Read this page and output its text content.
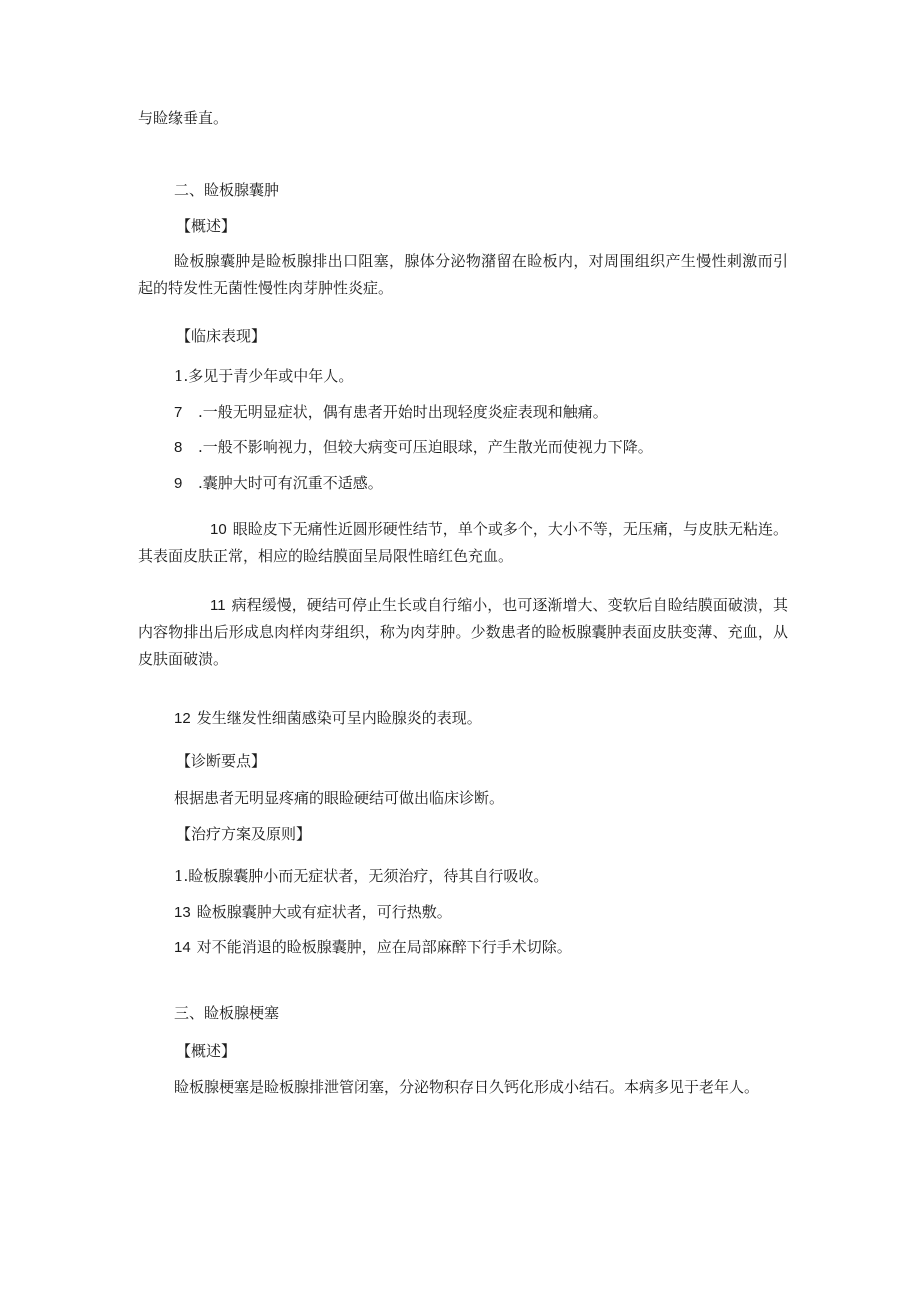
与睑缘垂直。

二、睑板腺囊肿

【概述】

睑板腺囊肿是睑板腺排出口阻塞，腺体分泌物潴留在睑板内，对周围组织产生慢性刺激而引起的特发性无菌性慢性肉芽肿性炎症。

【临床表现】

1.多见于青少年或中年人。

7 .一般无明显症状，偶有患者开始时出现轻度炎症表现和触痛。

8 .一般不影响视力，但较大病变可压迫眼球，产生散光而使视力下降。

9 .囊肿大时可有沉重不适感。

10 眼睑皮下无痛性近圆形硬性结节，单个或多个，大小不等，无压痛，与皮肤无粘连。其表面皮肤正常，相应的睑结膜面呈局限性暗红色充血。

11 病程缓慢，硬结可停止生长或自行缩小，也可逐渐增大、变软后自睑结膜面破溃，其内容物排出后形成息肉样肉芽组织，称为肉芽肿。少数患者的睑板腺囊肿表面皮肤变薄、充血，从皮肤面破溃。

12 发生继发性细菌感染可呈内睑腺炎的表现。

【诊断要点】

根据患者无明显疼痛的眼睑硬结可做出临床诊断。

【治疗方案及原则】

1.睑板腺囊肿小而无症状者，无须治疗，待其自行吸收。

13 睑板腺囊肿大或有症状者，可行热敷。

14 对不能消退的睑板腺囊肿，应在局部麻醉下行手术切除。

三、睑板腺梗塞

【概述】

睑板腺梗塞是睑板腺排泄管闭塞，分泌物积存日久钙化形成小结石。本病多见于老年人。
